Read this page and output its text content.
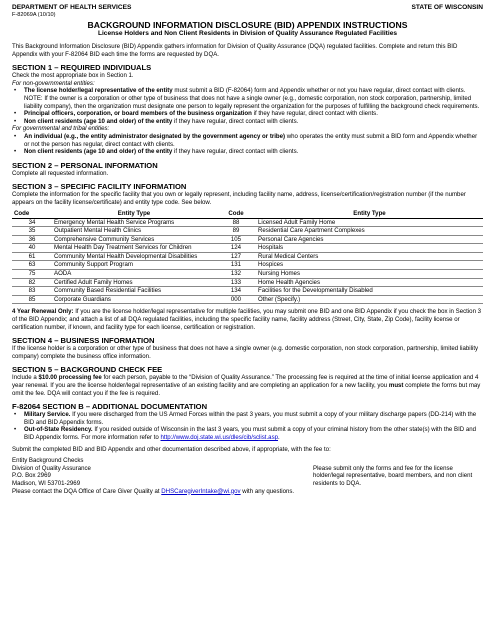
DEPARTMENT OF HEALTH SERVICES	STATE OF WISCONSIN
F-82069A (10/10)
BACKGROUND INFORMATION DISCLOSURE (BID) APPENDIX INSTRUCTIONS
License Holders and Non Client Residents in Division of Quality Assurance Regulated Facilities

This Background Information Disclosure (BID) Appendix gathers information for Division of Quality Assurance (DQA) regulated facilities. Complete and return this BID Appendix with your F-82064 BID each time the forms are requested by DQA.

SECTION 1 – REQUIRED INDIVIDUALS

Check the most appropriate box in Section 1.

For non-governmental entities:

• The license holder/legal representative of the entity must submit a BID (F-82064) form and Appendix whether or not you have regular, direct contact with clients. NOTE: If the owner is a corporation or other type of business that does not have a single owner (e.g., domestic corporation, non stock corporation, partnership, limited liability company), then the organization must designate one person to legally represent the organization for the purposes of fulfilling the background check requirements.
• Principal officers, corporation, or board members of the business organization if they have regular, direct contact with clients.
• Non client residents (age 10 and older) of the entity if they have regular, direct contact with clients.

For governmental and tribal entities:

• An individual (e.g., the entity administrator designated by the government agency or tribe) who operates the entity must submit a BID form and Appendix whether or not the person has regular, direct contact with clients.
• Non client residents (age 10 and older) of the entity if they have regular, direct contact with clients.
SECTION 2 – PERSONAL INFORMATION

Complete all requested information.

SECTION 3 – SPECIFIC FACILITY INFORMATION

Complete the information for the specific facility that you own or legally represent, including facility name, address, license/certification/registration number (if the number appears on the facility license/certificate) and entity type code. See below.

Code	Entity Type	Code	Entity Type
34	Emergency Mental Health Service Programs	88	Licensed Adult Family Home
35	Outpatient Mental Health Clinics	89	Residential Care Apartment Complexes
36	Comprehensive Community Services	105	Personal Care Agencies
40	Mental Health Day Treatment Services for Children	124	Hospitals
61	Community Mental Health Developmental Disabilities	127	Rural Medical Centers
63	Community Support Program	131	Hospices
75	AODA	132	Nursing Homes
82	Certified Adult Family Homes	133	Home Health Agencies
83	Community Based Residential Facilities	134	Facilities for the Developmentally Disabled
85	Corporate Guardians	000	Other (Specify.)

4 Year Renewal Only: If you are the license holder/legal representative for multiple facilities, you may submit one BID and one BID Appendix if you check the box in Section 3 of the BID Appendix; and attach a list of all DQA regulated facilities, including the specific facility name, facility address (Street, City, State, Zip Code), facility license or certification number, if known, and facility type for each license, certification or registration.

SECTION 4 – BUSINESS INFORMATION

If the license holder is a corporation or other type of business that does not have a single owner (e.g. domestic corporation, non stock corporation, partnership, limited liability company) complete the business office information.

SECTION 5 – BACKGROUND CHECK FEE

Include a $10.00 processing fee for each person, payable to the “Division of Quality Assurance.” The processing fee is required at the time of initial license application and 4 year renewal. If you are the license holder/legal representative of an existing facility and are completing an application for a new facility, you must complete the forms but may omit the fee. DQA will contact you if the fee is required.

F-82064 SECTION B – ADDITIONAL DOCUMENTATION
• Military Service. If you were discharged from the US Armed Forces within the past 3 years, you must submit a copy of your military discharge papers (DD-214) with the BID and BID Appendix forms.
• Out-of-State Residency. If you resided outside of Wisconsin in the last 3 years, you must submit a copy of your criminal history from the other state(s) with the BID and BID Appendix forms. For more information refer to http://www.doj.state.wi.us/dles/cib/sclist.asp.

Submit the completed BID and BID Appendix and other documentation described above, if appropriate, with the fee to:

Entity Background Checks

Division of Quality Assurance

P.O. Box 2969

Madison, WI 53701-2969

Please submit only the forms and fee for the license holder/legal representative, board members, and non client residents to DQA.

Please contact the DQA Office of Care Giver Quality at DHSCaregiverIntake@wi.gov with any questions.
